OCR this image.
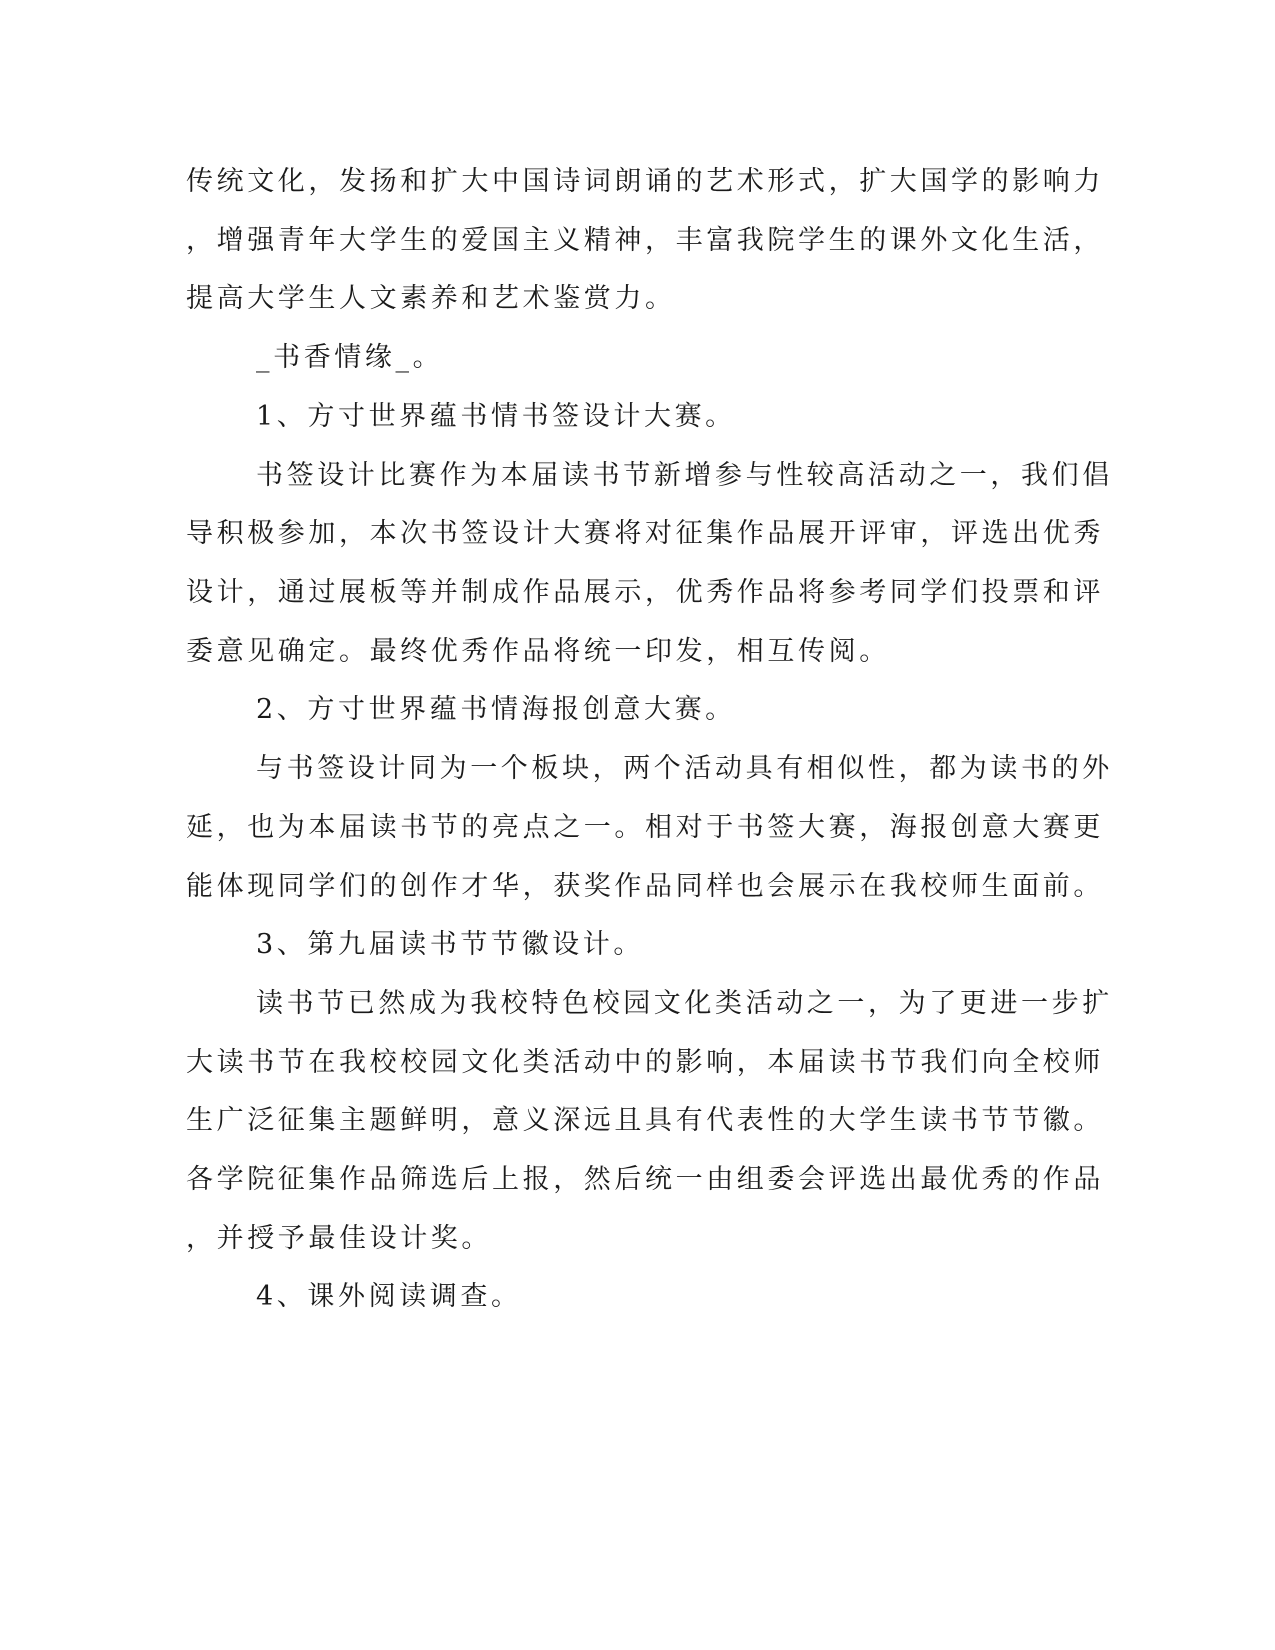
传统文化，发扬和扩大中国诗词朗诵的艺术形式，扩大国学的影响力
，增强青年大学生的爱国主义精神，丰富我院学生的课外文化生活，
提高大学生人文素养和艺术鉴赏力。
_书香情缘_。
1、方寸世界蕴书情书签设计大赛。
书签设计比赛作为本届读书节新增参与性较高活动之一，我们倡
导积极参加，本次书签设计大赛将对征集作品展开评审，评选出优秀
设计，通过展板等并制成作品展示，优秀作品将参考同学们投票和评
委意见确定。最终优秀作品将统一印发，相互传阅。
2、方寸世界蕴书情海报创意大赛。
与书签设计同为一个板块，两个活动具有相似性，都为读书的外
延，也为本届读书节的亮点之一。相对于书签大赛，海报创意大赛更
能体现同学们的创作才华，获奖作品同样也会展示在我校师生面前。
3、第九届读书节节徽设计。
读书节已然成为我校特色校园文化类活动之一，为了更进一步扩
大读书节在我校校园文化类活动中的影响，本届读书节我们向全校师
生广泛征集主题鲜明，意义深远且具有代表性的大学生读书节节徽。
各学院征集作品筛选后上报，然后统一由组委会评选出最优秀的作品
，并授予最佳设计奖。
4、课外阅读调查。
